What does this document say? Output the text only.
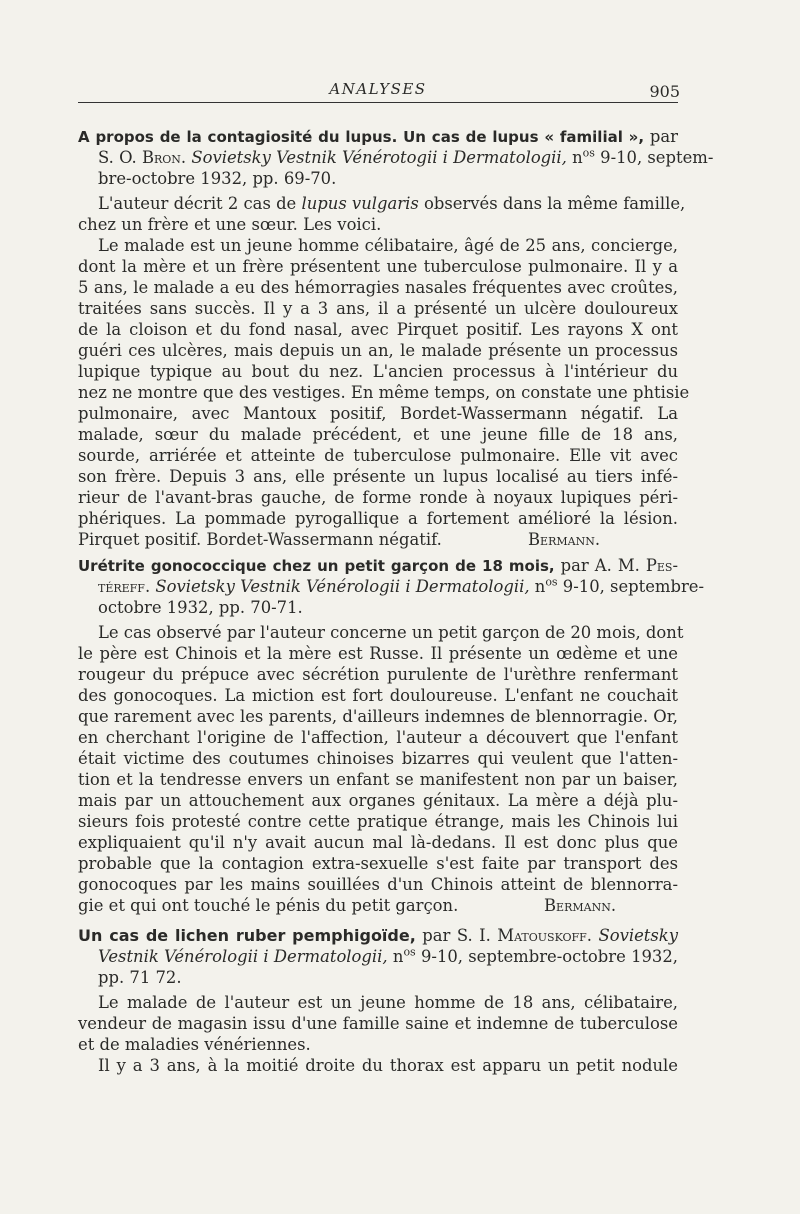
ANALYSES	905
A propos de la contagiosité du lupus. Un cas de lupus « familial », par
S. O. Bron. Sovietsky Vestnik Vénérotogii i Dermatologii, $n^{os}$ 9-10, septem-
bre-octobre 1932, pp. 69-70.
L'auteur décrit 2 cas de lupus vulgaris observés dans la même famille,
chez un frère et une sœur. Les voici.
Le malade est un jeune homme célibataire, âgé de 25 ans, concierge,
dont la mère et un frère présentent une tuberculose pulmonaire. Il y a
5 ans, le malade a eu des hémorragies nasales fréquentes avec croûtes,
traitées sans succès. Il y a 3 ans, il a présenté un ulcère douloureux
de la cloison et du fond nasal, avec Pirquet positif. Les rayons X ont
guéri ces ulcères, mais depuis un an, le malade présente un processus
lupique typique au bout du nez. L'ancien processus à l'intérieur du
nez ne montre que des vestiges. En même temps, on constate une phtisie
pulmonaire, avec Mantoux positif, Bordet-Wassermann négatif. La
malade, sœur du malade précédent, et une jeune fille de 18 ans,
sourde, arriérée et atteinte de tuberculose pulmonaire. Elle vit avec
son frère. Depuis 3 ans, elle présente un lupus localisé au tiers infé-
rieur de l'avant-bras gauche, de forme ronde à noyaux lupiques péri-
phériques. La pommade pyrogallique a fortement amélioré la lésion.
Pirquet positif. Bordet-Wassermann négatif.	Bermann.
Urétrite gonococcique chez un petit garçon de 18 mois, par A. M. Pes-
téreff. Sovietsky Vestnik Vénérologii i Dermatologii, $n^{os}$ 9-10, septembre-
octobre 1932, pp. 70-71.
Le cas observé par l'auteur concerne un petit garçon de 20 mois, dont
le père est Chinois et la mère est Russe. Il présente un œdème et une
rougeur du prépuce avec sécrétion purulente de l'urèthre renfermant
des gonocoques. La miction est fort douloureuse. L'enfant ne couchait
que rarement avec les parents, d'ailleurs indemnes de blennorragie. Or,
en cherchant l'origine de l'affection, l'auteur a découvert que l'enfant
était victime des coutumes chinoises bizarres qui veulent que l'atten-
tion et la tendresse envers un enfant se manifestent non par un baiser,
mais par un attouchement aux organes génitaux. La mère a déjà plu-
sieurs fois protesté contre cette pratique étrange, mais les Chinois lui
expliquaient qu'il n'y avait aucun mal là-dedans. Il est donc plus que
probable que la contagion extra-sexuelle s'est faite par transport des
gonocoques par les mains souillées d'un Chinois atteint de blennorra-
gie et qui ont touché le pénis du petit garçon.	Bermann.
Un cas de lichen ruber pemphigoïde, par S. I. Matouskoff. Sovietsky
Vestnik Vénérologii i Dermatologii, $n^{os}$ 9-10, septembre-octobre 1932,
pp. 71 72.
Le malade de l'auteur est un jeune homme de 18 ans, célibataire,
vendeur de magasin issu d'une famille saine et indemne de tuberculose
et de maladies vénériennes.
Il y a 3 ans, à la moitié droite du thorax est apparu un petit nodule
